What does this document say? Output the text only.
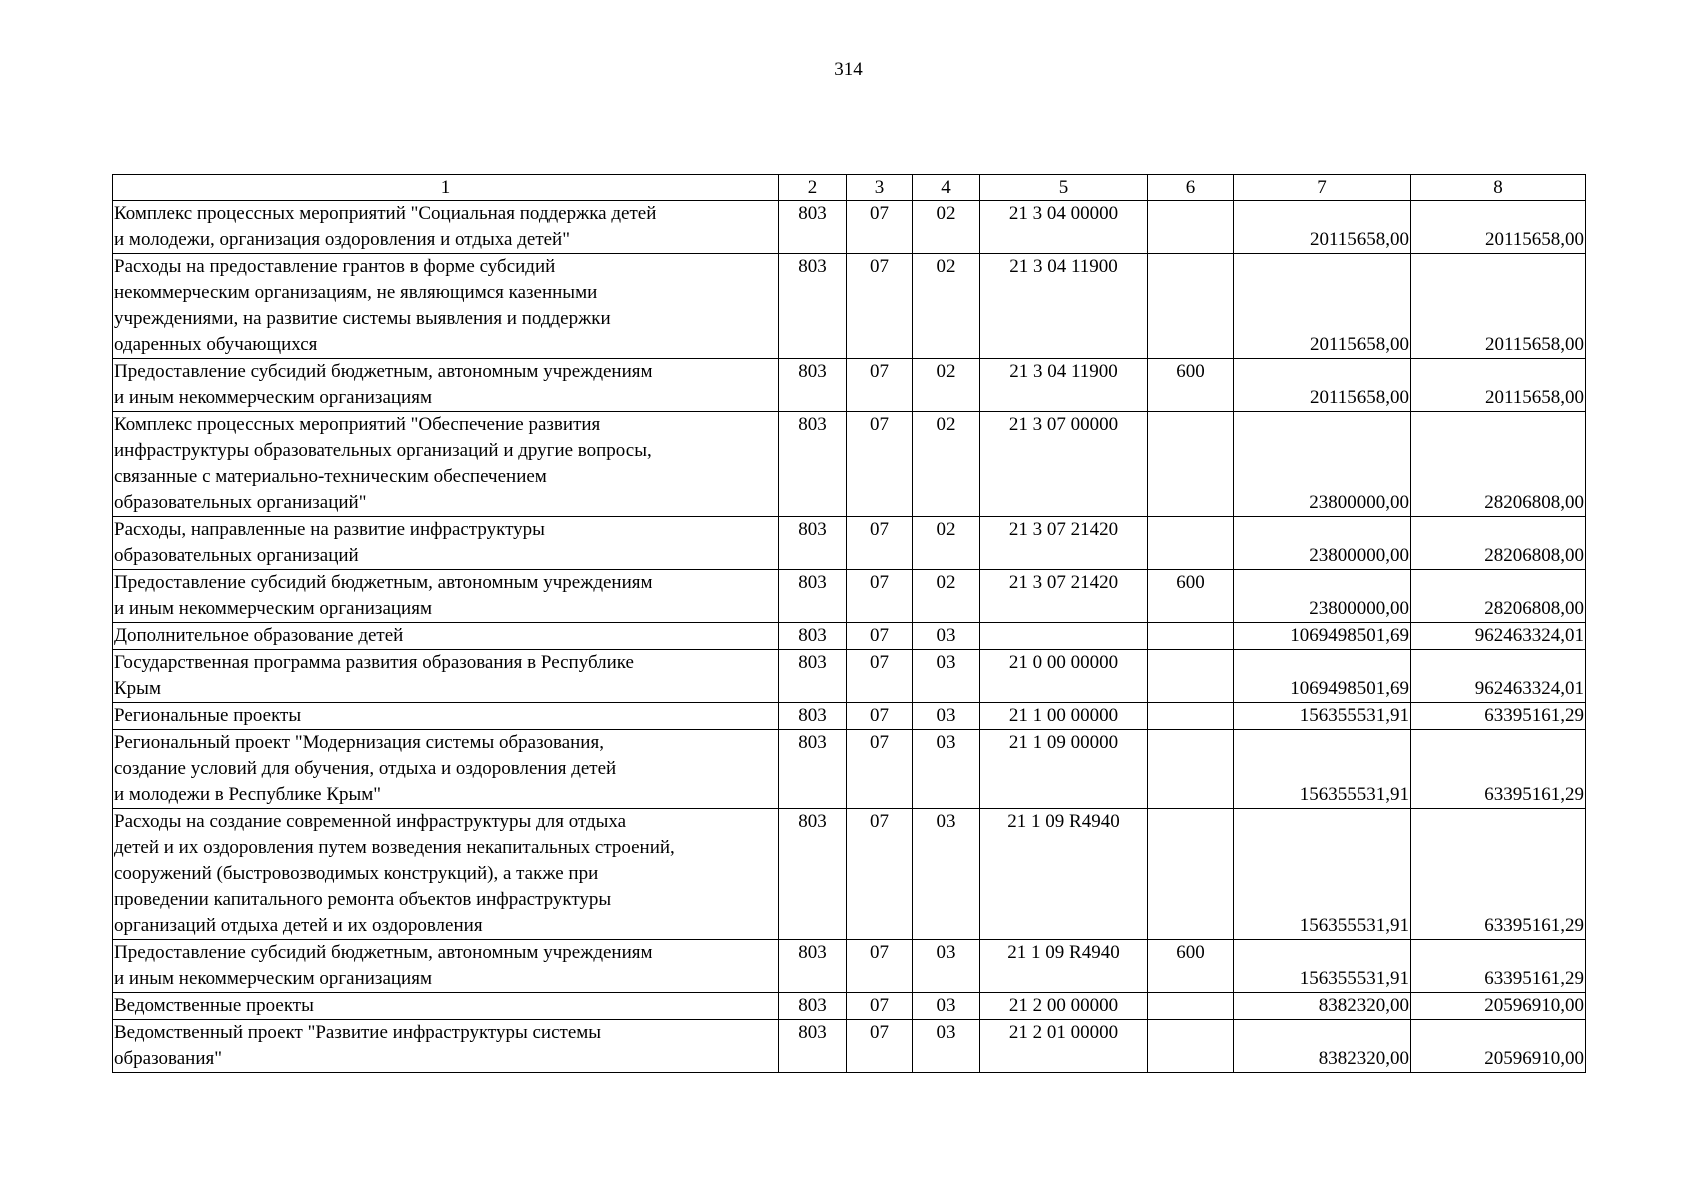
314
1	2	3	4	5	6	7	8
Комплекс процессных мероприятий "Социальная поддержка детей
и молодежи, организация оздоровления и отдыха детей"	803	07	02	21 3 04 00000		20115658,00	20115658,00
Расходы на предоставление грантов в форме субсидий
некоммерческим организациям, не являющимся казенными
учреждениями, на развитие системы выявления и поддержки
одаренных обучающихся	803	07	02	21 3 04 11900		20115658,00	20115658,00
Предоставление субсидий бюджетным, автономным учреждениям
и иным некоммерческим организациям	803	07	02	21 3 04 11900	600	20115658,00	20115658,00
Комплекс процессных мероприятий "Обеспечение развития
инфраструктуры образовательных организаций и другие вопросы,
связанные с материально-техническим обеспечением
образовательных организаций"	803	07	02	21 3 07 00000		23800000,00	28206808,00
Расходы, направленные на развитие инфраструктуры
образовательных организаций	803	07	02	21 3 07 21420		23800000,00	28206808,00
Предоставление субсидий бюджетным, автономным учреждениям
и иным некоммерческим организациям	803	07	02	21 3 07 21420	600	23800000,00	28206808,00
Дополнительное образование детей	803	07	03			1069498501,69	962463324,01
Государственная программа развития образования в Республике
Крым	803	07	03	21 0 00 00000		1069498501,69	962463324,01
Региональные проекты	803	07	03	21 1 00 00000		156355531,91	63395161,29
Региональный проект "Модернизация системы образования,
создание условий для обучения, отдыха и оздоровления детей
и молодежи в Республике Крым"	803	07	03	21 1 09 00000		156355531,91	63395161,29
Расходы на создание современной инфраструктуры для отдыха
детей и их оздоровления путем возведения некапитальных строений,
сооружений (быстровозводимых конструкций), а также при
проведении капитального ремонта объектов инфраструктуры
организаций отдыха детей и их оздоровления	803	07	03	21 1 09 R4940		156355531,91	63395161,29
Предоставление субсидий бюджетным, автономным учреждениям
и иным некоммерческим организациям	803	07	03	21 1 09 R4940	600	156355531,91	63395161,29
Ведомственные проекты	803	07	03	21 2 00 00000		8382320,00	20596910,00
Ведомственный проект "Развитие инфраструктуры системы
образования"	803	07	03	21 2 01 00000		8382320,00	20596910,00
